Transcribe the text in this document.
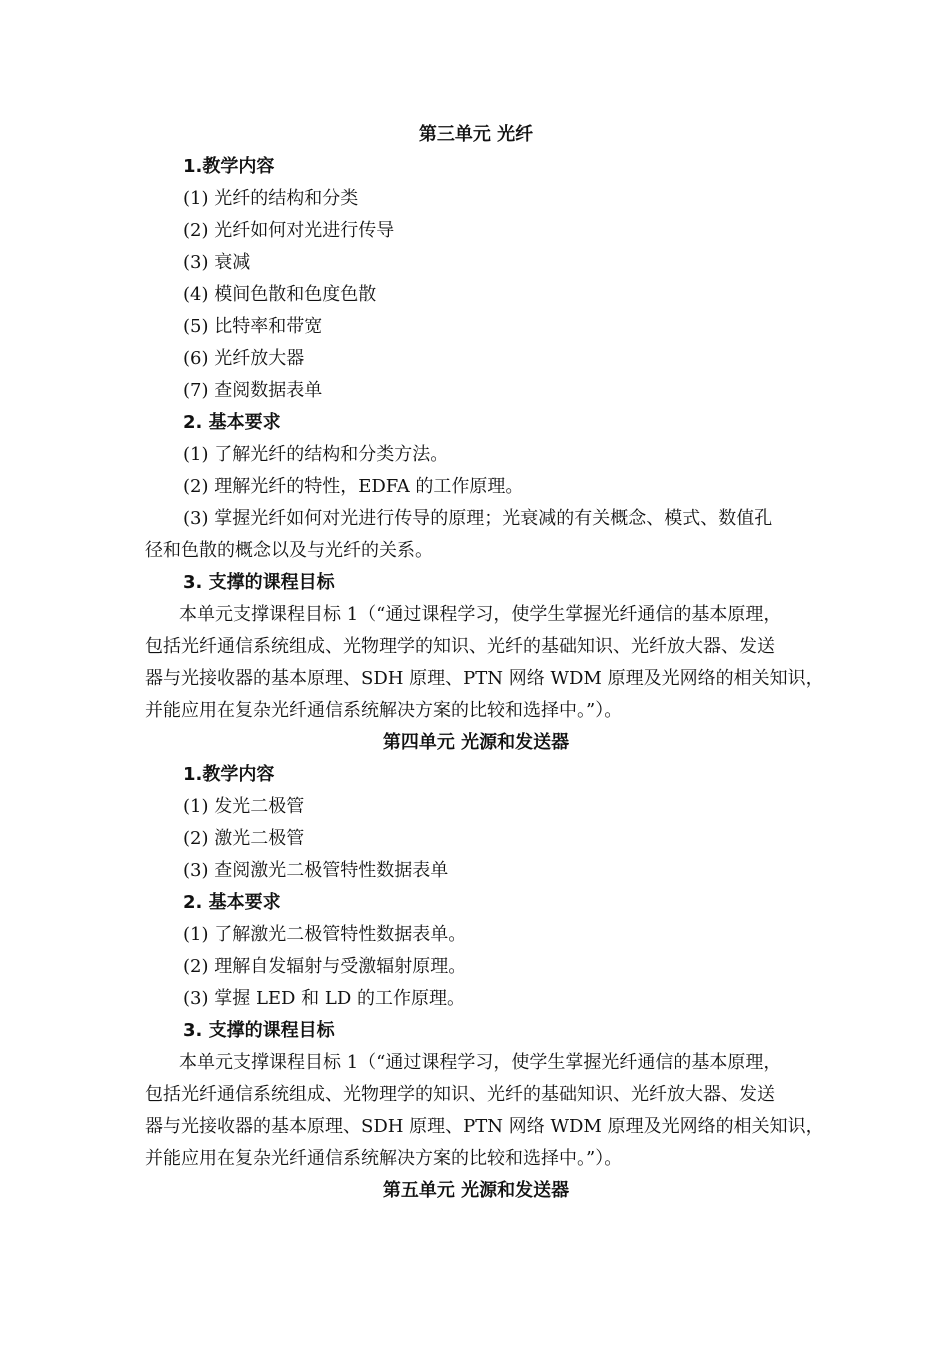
第三单元 光纤
1.教学内容
(1) 光纤的结构和分类
(2) 光纤如何对光进行传导
(3) 衰减
(4) 模间色散和色度色散
(5) 比特率和带宽
(6) 光纤放大器
(7) 查阅数据表单
2. 基本要求
(1) 了解光纤的结构和分类方法。
(2) 理解光纤的特性，EDFA 的工作原理。
(3) 掌握光纤如何对光进行传导的原理；光衰减的有关概念、模式、数值孔
径和色散的概念以及与光纤的关系。
3. 支撑的课程目标
本单元支撑课程目标 1（“通过课程学习，使学生掌握光纤通信的基本原理，
包括光纤通信系统组成、光物理学的知识、光纤的基础知识、光纤放大器、发送
器与光接收器的基本原理、SDH 原理、PTN 网络 WDM 原理及光网络的相关知识，
并能应用在复杂光纤通信系统解决方案的比较和选择中。”）。
第四单元 光源和发送器
1.教学内容
(1) 发光二极管
(2) 激光二极管
(3) 查阅激光二极管特性数据表单
2. 基本要求
(1) 了解激光二极管特性数据表单。
(2) 理解自发辐射与受激辐射原理。
(3) 掌握 LED 和 LD 的工作原理。
3. 支撑的课程目标
本单元支撑课程目标 1（“通过课程学习，使学生掌握光纤通信的基本原理，
包括光纤通信系统组成、光物理学的知识、光纤的基础知识、光纤放大器、发送
器与光接收器的基本原理、SDH 原理、PTN 网络 WDM 原理及光网络的相关知识，
并能应用在复杂光纤通信系统解决方案的比较和选择中。”）。
第五单元 光源和发送器
